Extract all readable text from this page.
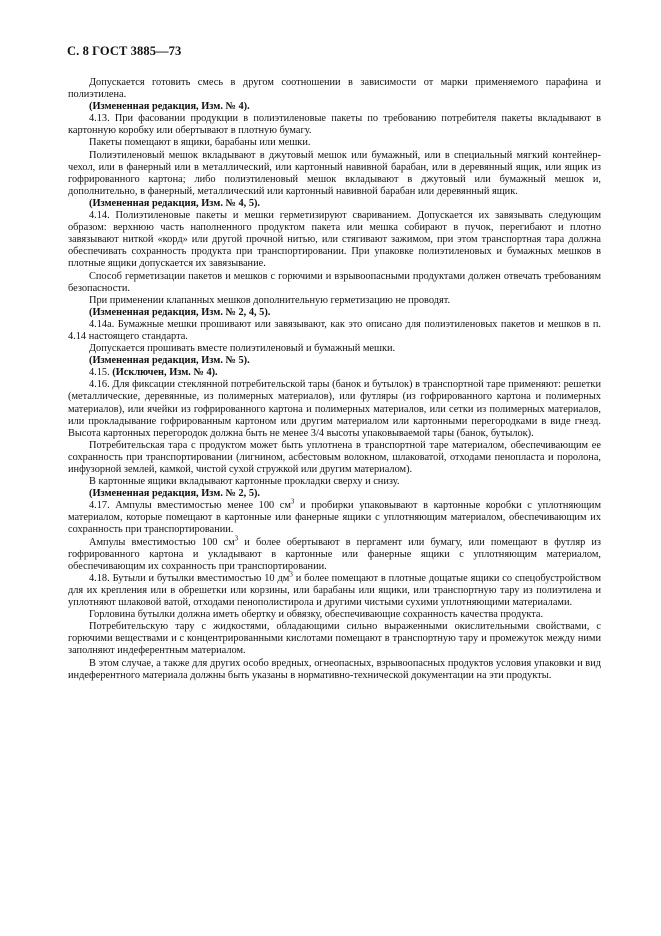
С. 8 ГОСТ 3885—73

Допускается готовить смесь в другом соотношении в зависимости от марки применяемого парафина и полиэтилена.

(Измененная редакция, Изм. № 4).

4.13. При фасовании продукции в полиэтиленовые пакеты по требованию потребителя пакеты вкладывают в картонную коробку или обертывают в плотную бумагу.

Пакеты помещают в ящики, барабаны или мешки.

Полиэтиленовый мешок вкладывают в джутовый мешок или бумажный, или в специальный мягкий контейнер-чехол, или в фанерный или в металлический, или картонный навивной барабан, или в деревянный ящик, или ящик из гофрированного картона; либо полиэтиленовый мешок вкладывают в джутовый или бумажный мешок и, дополнительно, в фанерный, металлический или картонный навивной барабан или деревянный ящик.

(Измененная редакция, Изм. № 4, 5).

4.14. Полиэтиленовые пакеты и мешки герметизируют свариванием. Допускается их завязывать следующим образом: верхнюю часть наполненного продуктом пакета или мешка собирают в пучок, перегибают и плотно завязывают ниткой «корд» или другой прочной нитью, или стягивают зажимом, при этом транспортная тара должна обеспечивать сохранность продукта при транспортировании. При упаковке полиэтиленовых и бумажных мешков в плотные ящики допускается их завязывание.

Способ герметизации пакетов и мешков с горючими и взрывоопасными продуктами должен отвечать требованиям безопасности.

При применении клапанных мешков дополнительную герметизацию не проводят.

(Измененная редакция, Изм. № 2, 4, 5).

4.14а. Бумажные мешки прошивают или завязывают, как это описано для полиэтиленовых пакетов и мешков в п. 4.14 настоящего стандарта.

Допускается прошивать вместе полиэтиленовый и бумажный мешки.

(Измененная редакция, Изм. № 5).

4.15. (Исключен, Изм. № 4).

4.16. Для фиксации стеклянной потребительской тары (банок и бутылок) в транспортной таре применяют: решетки (металлические, деревянные, из полимерных материалов), или футляры (из гофрированного картона и полимерных материалов), или ячейки из гофрированного картона и полимерных материалов, или сетки из полимерных материалов, или прокладывание гофрированным картоном или другим материалом или картонными перегородками в виде гнезд. Высота картонных перегородок должна быть не менее 3/4 высоты упаковываемой тары (банок, бутылок).

Потребительская тара с продуктом может быть уплотнена в транспортной таре материалом, обеспечивающим ее сохранность при транспортировании (лигнином, асбестовым волокном, шлаковатой, отходами пенопласта и поролона, инфузорной землей, камкой, чистой сухой стружкой или другим материалом).

В картонные ящики вкладывают картонные прокладки сверху и снизу.

(Измененная редакция, Изм. № 2, 5).

4.17. Ампулы вместимостью менее 100 $см^3$ и пробирки упаковывают в картонные коробки с уплотняющим материалом, которые помещают в картонные или фанерные ящики с уплотняющим материалом, обеспечивающим их сохранность при транспортировании.

Ампулы вместимостью 100 $см^3$ и более обертывают в пергамент или бумагу, или помещают в футляр из гофрированного картона и укладывают в картонные или фанерные ящики с уплотняющим материалом, обеспечивающим их сохранность при транспортировании.

4.18. Бутыли и бутылки вместимостью 10 $дм^3$ и более помещают в плотные дощатые ящики со спецобустройством для их крепления или в обрешетки или корзины, или барабаны или ящики, или транспортную тару из полиэтилена и уплотняют шлаковой ватой, отходами пенополистирола и другими чистыми сухими уплотняющими материалами.

Горловина бутылки должна иметь обертку и обвязку, обеспечивающие сохранность качества продукта.

Потребительскую тару с жидкостями, обладающими сильно выраженными окислительными свойствами, с горючими веществами и с концентрированными кислотами помещают в транспортную тару и промежуток между ними заполняют индеферентным материалом.

В этом случае, а также для других особо вредных, огнеопасных, взрывоопасных продуктов условия упаковки и вид индеферентного материала должны быть указаны в нормативно-технической документации на эти продукты.
